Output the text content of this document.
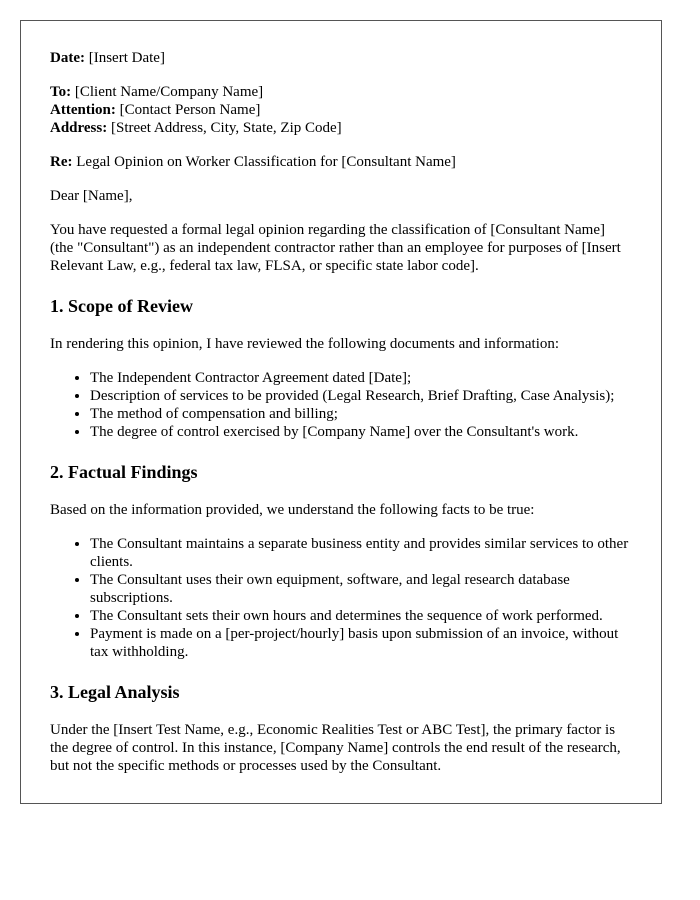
Date: [Insert Date]

To: [Client Name/Company Name]
Attention: [Contact Person Name]
Address: [Street Address, City, State, Zip Code]

Re: Legal Opinion on Worker Classification for [Consultant Name]

Dear [Name],

You have requested a formal legal opinion regarding the classification of [Consultant Name] (the "Consultant") as an independent contractor rather than an employee for purposes of [Insert Relevant Law, e.g., federal tax law, FLSA, or specific state labor code].

1. Scope of Review

In rendering this opinion, I have reviewed the following documents and information:

• The Independent Contractor Agreement dated [Date];
• Description of services to be provided (Legal Research, Brief Drafting, Case Analysis);
• The method of compensation and billing;
• The degree of control exercised by [Company Name] over the Consultant's work.
2. Factual Findings

Based on the information provided, we understand the following facts to be true:

• The Consultant maintains a separate business entity and provides similar services to other clients.
• The Consultant uses their own equipment, software, and legal research database subscriptions.
• The Consultant sets their own hours and determines the sequence of work performed.
• Payment is made on a [per-project/hourly] basis upon submission of an invoice, without tax withholding.
3. Legal Analysis

Under the [Insert Test Name, e.g., Economic Realities Test or ABC Test], the primary factor is the degree of control. In this instance, [Company Name] controls the end result of the research, but not the specific methods or processes used by the Consultant.
